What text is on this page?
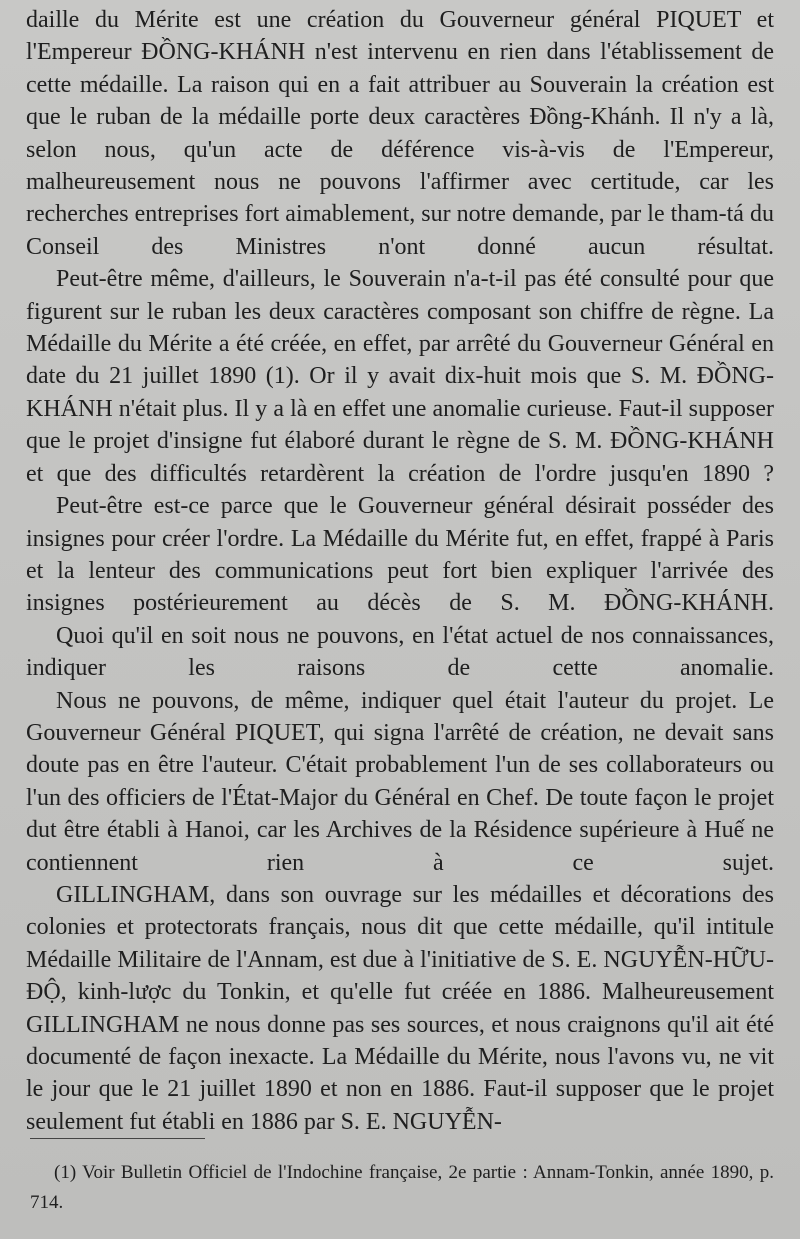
daille du Mérite est une création du Gouverneur général PIQUET et l'Empereur ĐỒNG-KHÁNH n'est intervenu en rien dans l'établissement de cette médaille. La raison qui en a fait attribuer au Souverain la création est que le ruban de la médaille porte deux caractères Đồng-Khánh. Il n'y a là, selon nous, qu'un acte de déférence vis-à-vis de l'Empereur, malheureusement nous ne pouvons l'affirmer avec certitude, car les recherches entreprises fort aimablement, sur notre demande, par le tham-tá du Conseil des Ministres n'ont donné aucun résultat.

Peut-être même, d'ailleurs, le Souverain n'a-t-il pas été consulté pour que figurent sur le ruban les deux caractères composant son chiffre de règne. La Médaille du Mérite a été créée, en effet, par arrêté du Gouverneur Général en date du 21 juillet 1890 (1). Or il y avait dix-huit mois que S. M. ĐỒNG-KHÁNH n'était plus. Il y a là en effet une anomalie curieuse. Faut-il supposer que le projet d'insigne fut élaboré durant le règne de S. M. ĐỒNG-KHÁNH et que des difficultés retardèrent la création de l'ordre jusqu'en 1890 ?

Peut-être est-ce parce que le Gouverneur général désirait posséder des insignes pour créer l'ordre. La Médaille du Mérite fut, en effet, frappé à Paris et la lenteur des communications peut fort bien expliquer l'arrivée des insignes postérieurement au décès de S. M. ĐỒNG-KHÁNH.

Quoi qu'il en soit nous ne pouvons, en l'état actuel de nos connaissances, indiquer les raisons de cette anomalie.

Nous ne pouvons, de même, indiquer quel était l'auteur du projet. Le Gouverneur Général PIQUET, qui signa l'arrêté de création, ne devait sans doute pas en être l'auteur. C'était probablement l'un de ses collaborateurs ou l'un des officiers de l'État-Major du Général en Chef. De toute façon le projet dut être établi à Hanoi, car les Archives de la Résidence supérieure à Huế ne contiennent rien à ce sujet.

GILLINGHAM, dans son ouvrage sur les médailles et décorations des colonies et protectorats français, nous dit que cette médaille, qu'il intitule Médaille Militaire de l'Annam, est due à l'initiative de S. E. NGUYỄN-HỮU-ĐỘ, kinh-lược du Tonkin, et qu'elle fut créée en 1886. Malheureusement GILLINGHAM ne nous donne pas ses sources, et nous craignons qu'il ait été documenté de façon inexacte. La Médaille du Mérite, nous l'avons vu, ne vit le jour que le 21 juillet 1890 et non en 1886. Faut-il supposer que le projet seulement fut établi en 1886 par S. E. NGUYỄN-

(1) Voir Bulletin Officiel de l'Indochine française, 2e partie : Annam-Tonkin, année 1890, p. 714.
